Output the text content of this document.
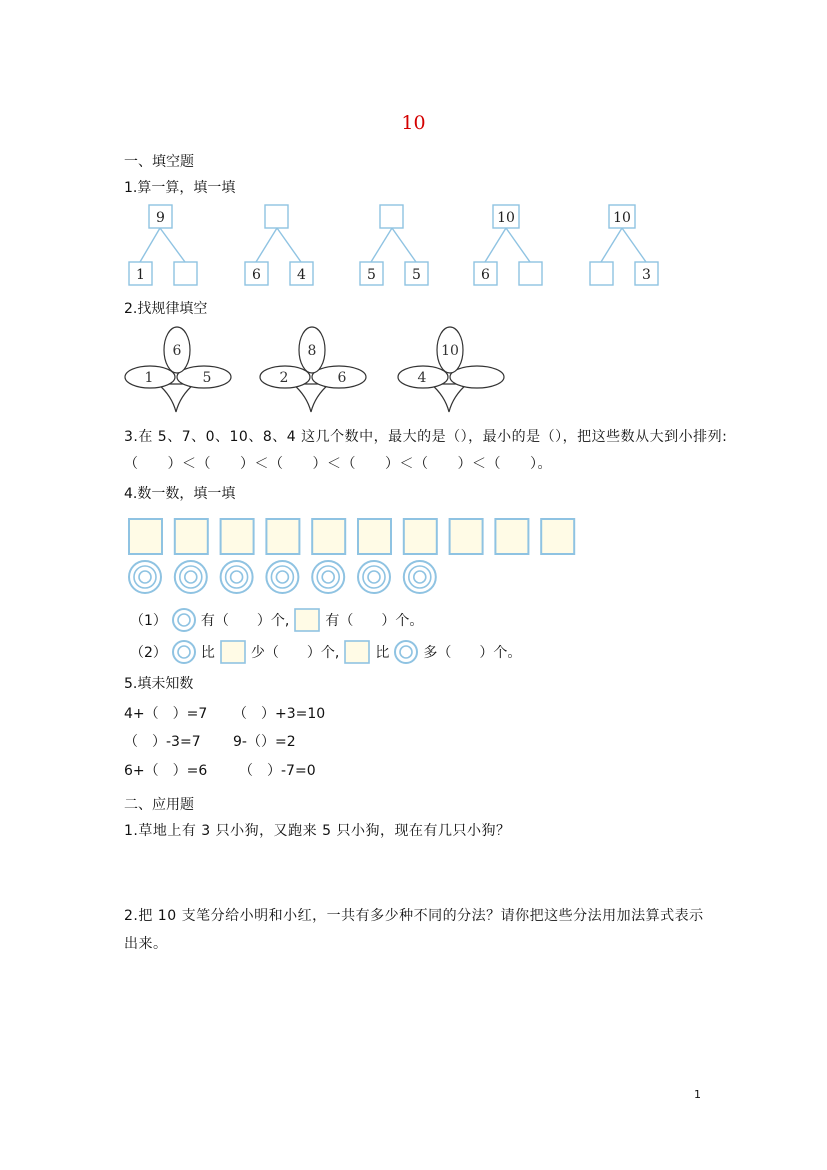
10
一、填空题
1.算一算，填一填
9
1	6	4	5	5
10
6
10
3
2.找规律填空
6
1	5
8
2	6
10
4
3.在 5、7、0、10、8、4 这几个数中，最大的是（），最小的是（），把这些数从大到小排列:
（　　）＜（　　）＜（　　）＜（　　）＜（　　）＜（　　）。
4.数一数，填一填
（1） 有（　　）个,	有（　　）个。
（2） 比	少（　　）个,	比 多（　　）个。
5.填未知数
4+（　）=7 （　）+3=10
（　）-3=7 9-（）=2
6+（　）=6 （　）-7=0
二、应用题
1.草地上有 3 只小狗，又跑来 5 只小狗，现在有几只小狗？
2.把 10 支笔分给小明和小红，一共有多少种不同的分法？请你把这些分法用加法算式表示
出来。
1
